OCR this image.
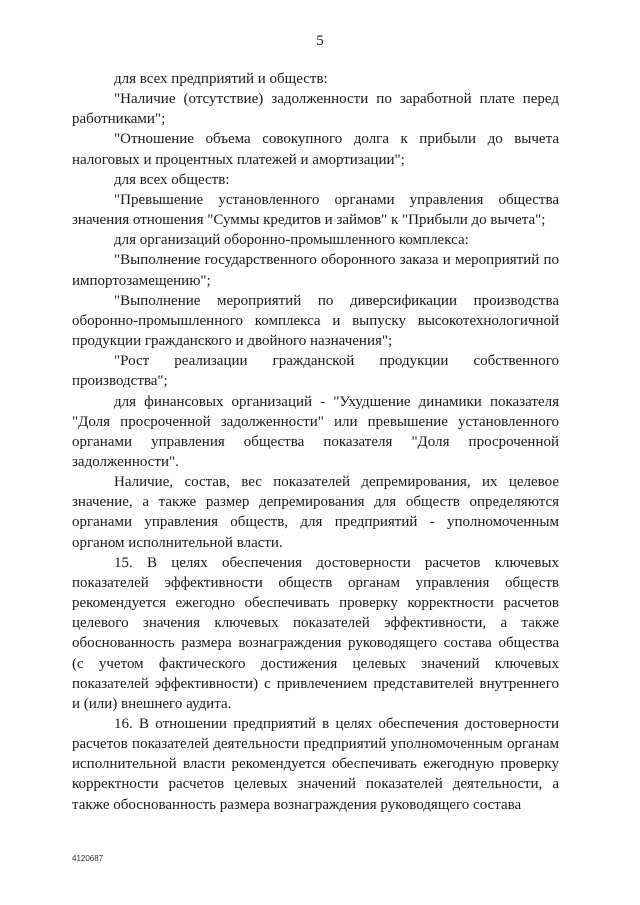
5

для всех предприятий и обществ:

"Наличие (отсутствие) задолженности по заработной плате перед работниками";

"Отношение объема совокупного долга к прибыли до вычета налоговых и процентных платежей и амортизации";

для всех обществ:

"Превышение установленного органами управления общества значения отношения "Суммы кредитов и займов" к "Прибыли до вычета";

для организаций оборонно-промышленного комплекса:

"Выполнение государственного оборонного заказа и мероприятий по импортозамещению";

"Выполнение мероприятий по диверсификации производства оборонно-промышленного комплекса и выпуску высокотехнологичной продукции гражданского и двойного назначения";

"Рост реализации гражданской продукции собственного производства";

для финансовых организаций - "Ухудшение динамики показателя "Доля просроченной задолженности" или превышение установленного органами управления общества показателя "Доля просроченной задолженности".

Наличие, состав, вес показателей депремирования, их целевое значение, а также размер депремирования для обществ определяются органами управления обществ, для предприятий - уполномоченным органом исполнительной власти.

15. В целях обеспечения достоверности расчетов ключевых показателей эффективности обществ органам управления обществ рекомендуется ежегодно обеспечивать проверку корректности расчетов целевого значения ключевых показателей эффективности, а также обоснованность размера вознаграждения руководящего состава общества (с учетом фактического достижения целевых значений ключевых показателей эффективности) с привлечением представителей внутреннего и (или) внешнего аудита.

16. В отношении предприятий в целях обеспечения достоверности расчетов показателей деятельности предприятий уполномоченным органам исполнительной власти рекомендуется обеспечивать ежегодную проверку корректности расчетов целевых значений показателей деятельности, а также обоснованность размера вознаграждения руководящего состава

4120687
